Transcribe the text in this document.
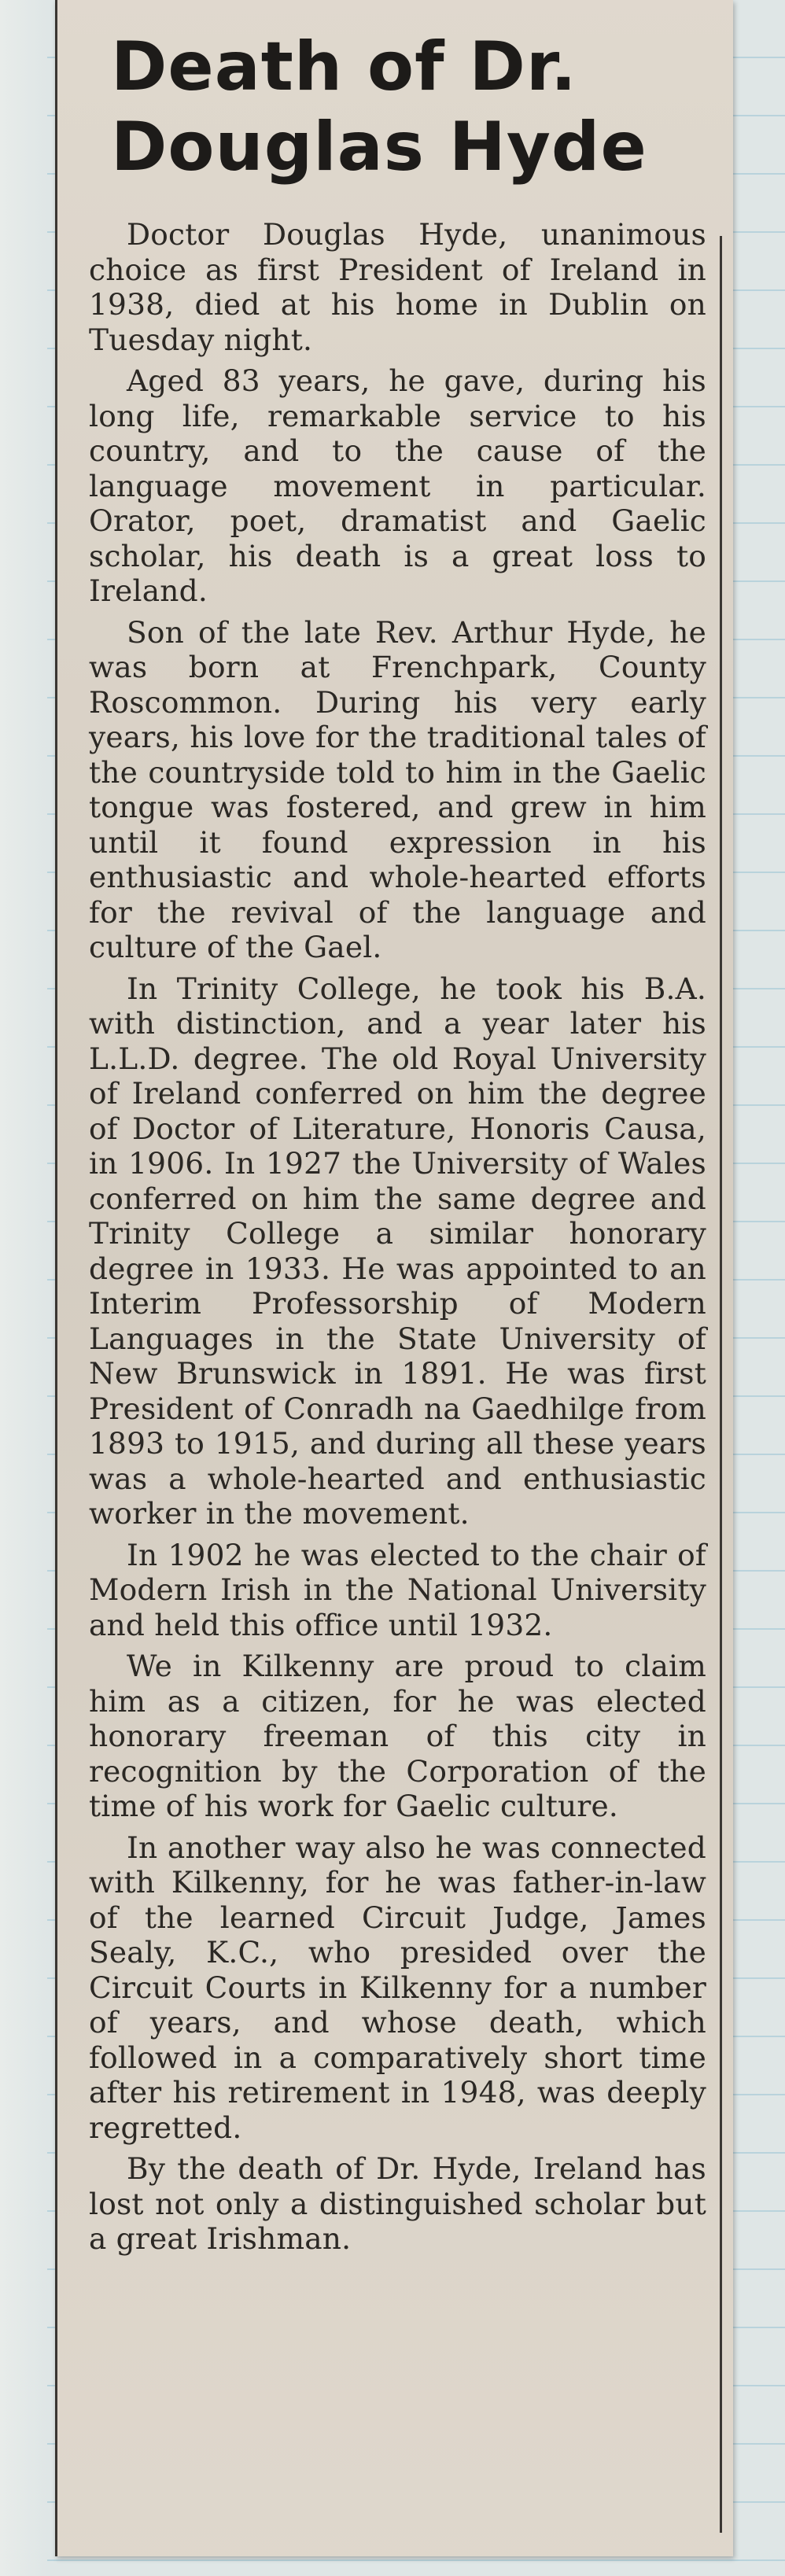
Death of Dr.
Douglas Hyde

Doctor Douglas Hyde, unanimous choice as first President of Ireland in 1938, died at his home in Dublin on Tuesday night.

Aged 83 years, he gave, during his long life, remarkable service to his country, and to the cause of the language movement in particular. Orator, poet, dramatist and Gaelic scholar, his death is a great loss to Ireland.

Son of the late Rev. Arthur Hyde, he was born at Frenchpark, County Roscommon. During his very early years, his love for the traditional tales of the countryside told to him in the Gaelic tongue was fostered, and grew in him until it found expression in his enthusiastic and whole-hearted efforts for the revival of the language and culture of the Gael.

In Trinity College, he took his B.A. with distinction, and a year later his L.L.D. degree. The old Royal University of Ireland conferred on him the degree of Doctor of Literature, Honoris Causa, in 1906. In 1927 the University of Wales conferred on him the same degree and Trinity College a similar honorary degree in 1933. He was appointed to an Interim Professorship of Modern Languages in the State University of New Brunswick in 1891. He was first President of Conradh na Gaedhilge from 1893 to 1915, and during all these years was a whole-hearted and enthusiastic worker in the movement.

In 1902 he was elected to the chair of Modern Irish in the National University and held this office until 1932.

We in Kilkenny are proud to claim him as a citizen, for he was elected honorary freeman of this city in recognition by the Corporation of the time of his work for Gaelic culture.

In another way also he was connected with Kilkenny, for he was father-in-law of the learned Circuit Judge, James Sealy, K.C., who presided over the Circuit Courts in Kilkenny for a number of years, and whose death, which followed in a comparatively short time after his retirement in 1948, was deeply regretted.

By the death of Dr. Hyde, Ireland has lost not only a distinguished scholar but a great Irishman.
